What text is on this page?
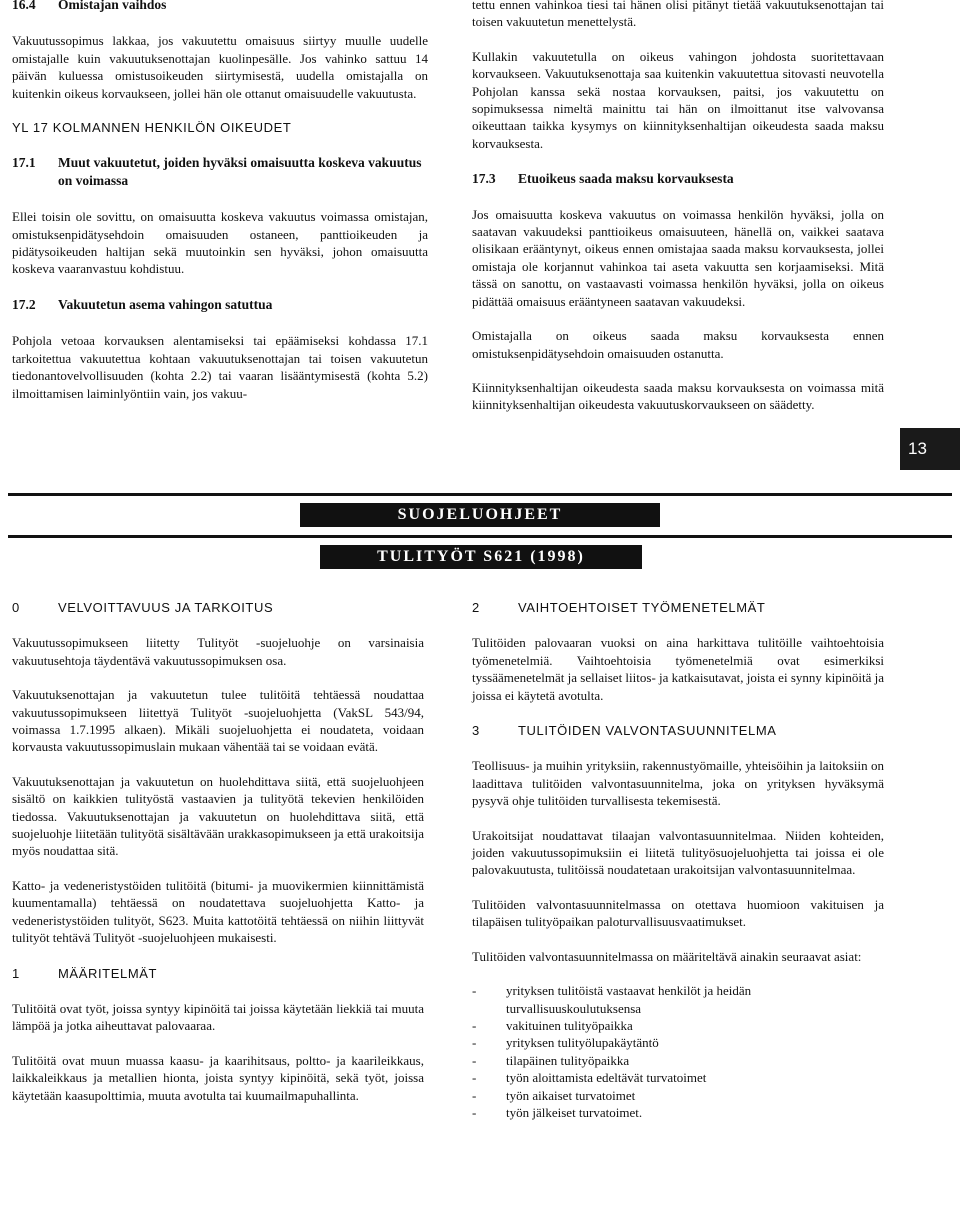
16.4 Omistajan vaihdos

Vakuutussopimus lakkaa, jos vakuutettu omaisuus siirtyy muulle uudelle omistajalle kuin vakuutuksenottajan kuolinpesälle. Jos vahinko sattuu 14 päivän kuluessa omistusoikeuden siirtymisestä, uudella omistajalla on kuitenkin oikeus korvaukseen, jollei hän ole ottanut omaisuudelle vakuutusta.

YL 17 KOLMANNEN HENKILÖN OIKEUDET
17.1	Muut vakuutetut, joiden hyväksi omaisuutta koskeva vakuutus on voimassa

Ellei toisin ole sovittu, on omaisuutta koskeva vakuutus voimassa omistajan, omistuksenpidätysehdoin omaisuuden ostaneen, panttioikeuden ja pidätysoikeuden haltijan sekä muutoinkin sen hyväksi, johon omaisuutta koskeva vaaranvastuu kohdistuu.

17.2 Vakuutetun asema vahingon satuttua

Pohjola vetoaa korvauksen alentamiseksi tai epäämiseksi kohdassa 17.1 tarkoitettua vakuutettua kohtaan vakuutuksenottajan tai toisen vakuutetun tiedonantovelvollisuuden (kohta 2.2) tai vaaran lisääntymisestä (kohta 5.2) ilmoittamisen laiminlyöntiin vain, jos vakuu-

tettu ennen vahinkoa tiesi tai hänen olisi pitänyt tietää vakuutuksenottajan tai toisen vakuutetun menettelystä.

Kullakin vakuutetulla on oikeus vahingon johdosta suoritettavaan korvaukseen. Vakuutuksenottaja saa kuitenkin vakuutettua sitovasti neuvotella Pohjolan kanssa sekä nostaa korvauksen, paitsi, jos vakuutettu on sopimuksessa nimeltä mainittu tai hän on ilmoittanut itse valvovansa oikeuttaan taikka kysymys on kiinnityksenhaltijan oikeudesta saada maksu korvauksesta.

17.3 Etuoikeus saada maksu korvauksesta

Jos omaisuutta koskeva vakuutus on voimassa henkilön hyväksi, jolla on saatavan vakuudeksi panttioikeus omaisuuteen, hänellä on, vaikkei saatava olisikaan erääntynyt, oikeus ennen omistajaa saada maksu korvauksesta, jollei omistaja ole korjannut vahinkoa tai aseta vakuutta sen korjaamiseksi. Mitä tässä on sanottu, on vastaavasti voimassa henkilön hyväksi, jolla on oikeus pidättää omaisuus erääntyneen saatavan vakuudeksi.

Omistajalla on oikeus saada maksu korvauksesta ennen omistuksenpidätysehdoin omaisuuden ostanutta.

Kiinnityksenhaltijan oikeudesta saada maksu korvauksesta on voimassa mitä kiinnityksenhaltijan oikeudesta vakuutuskorvaukseen on säädetty.

13
SUOJELUOHJEET
TULITYÖT S621 (1998)
0	VELVOITTAVUUS JA TARKOITUS

Vakuutussopimukseen liitetty Tulityöt -suojeluohje on varsinaisia vakuutusehtoja täydentävä vakuutussopimuksen osa.

Vakuutuksenottajan ja vakuutetun tulee tulitöitä tehtäessä noudattaa vakuutussopimukseen liitettyä Tulityöt -suojeluohjetta (VakSL 543/94, voimassa 1.7.1995 alkaen). Mikäli suojeluohjetta ei noudateta, voidaan korvausta vakuutussopimuslain mukaan vähentää tai se voidaan evätä.

Vakuutuksenottajan ja vakuutetun on huolehdittava siitä, että suojeluohjeen sisältö on kaikkien tulityöstä vastaavien ja tulityötä tekevien henkilöiden tiedossa. Vakuutuksenottajan ja vakuutetun on huolehdittava siitä, että suojeluohje liitetään tulityötä sisältävään urakkasopimukseen ja että urakoitsija myös noudattaa sitä.

Katto- ja vedeneristystöiden tulitöitä (bitumi- ja muovikermien kiinnittämistä kuumentamalla) tehtäessä on noudatettava suojeluohjetta Katto- ja vedeneristystöiden tulityöt, S623. Muita kattotöitä tehtäessä on niihin liittyvät tulityöt tehtävä Tulityöt -suojeluohjeen mukaisesti.

1	MÄÄRITELMÄT

Tulitöitä ovat työt, joissa syntyy kipinöitä tai joissa käytetään liekkiä tai muuta lämpöä ja jotka aiheuttavat palovaaraa.

Tulitöitä ovat muun muassa kaasu- ja kaarihitsaus, poltto- ja kaarileikkaus, laikkaleikkaus ja metallien hionta, joista syntyy kipinöitä, sekä työt, joissa käytetään kaasupolttimia, muuta avotulta tai kuumailmapuhallinta.

2	VAIHTOEHTOISET TYÖMENETELMÄT

Tulitöiden palovaaran vuoksi on aina harkittava tulitöille vaihtoehtoisia työmenetelmiä. Vaihtoehtoisia työmenetelmiä ovat esimerkiksi tyssäämenetelmät ja sellaiset liitos- ja katkaisutavat, joista ei synny kipinöitä ja joissa ei käytetä avotulta.

3	TULITÖIDEN VALVONTASUUNNITELMA

Teollisuus- ja muihin yrityksiin, rakennustyömaille, yhteisöihin ja laitoksiin on laadittava tulitöiden valvontasuunnitelma, joka on yrityksen hyväksymä pysyvä ohje tulitöiden turvallisesta tekemisestä.

Urakoitsijat noudattavat tilaajan valvontasuunnitelmaa. Niiden kohteiden, joiden vakuutussopimuksiin ei liitetä tulityösuojeluohjetta tai joissa ei ole palovakuutusta, tulitöissä noudatetaan urakoitsijan valvontasuunnitelmaa.

Tulitöiden valvontasuunnitelmassa on otettava huomioon vakituisen ja tilapäisen tulityöpaikan paloturvallisuusvaatimukset.

Tulitöiden valvontasuunnitelmassa on määriteltävä ainakin seuraavat asiat:

-	yrityksen tulitöistä vastaavat henkilöt ja heidän turvallisuuskoulutuksensa
-	vakituinen tulityöpaikka
-	yrityksen tulityölupakäytäntö
-	tilapäinen tulityöpaikka
-	työn aloittamista edeltävät turvatoimet
-	työn aikaiset turvatoimet
-	työn jälkeiset turvatoimet.
